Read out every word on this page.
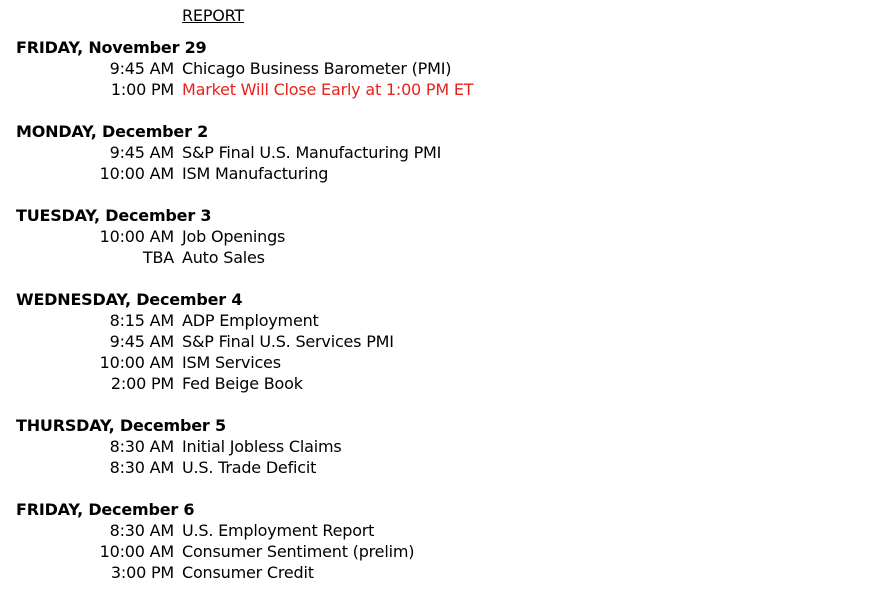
REPORT
FRIDAY, November 29
9:45 AM Chicago Business Barometer (PMI)
1:00 PM Market Will Close Early at 1:00 PM ET
MONDAY, December 2
9:45 AM S&P Final U.S. Manufacturing PMI
10:00 AM ISM Manufacturing
TUESDAY, December 3
10:00 AM Job Openings
TBA Auto Sales
WEDNESDAY, December 4
8:15 AM ADP Employment
9:45 AM S&P Final U.S. Services PMI
10:00 AM ISM Services
2:00 PM Fed Beige Book
THURSDAY, December 5
8:30 AM Initial Jobless Claims
8:30 AM U.S. Trade Deficit
FRIDAY, December 6
8:30 AM U.S. Employment Report
10:00 AM Consumer Sentiment (prelim)
3:00 PM Consumer Credit
